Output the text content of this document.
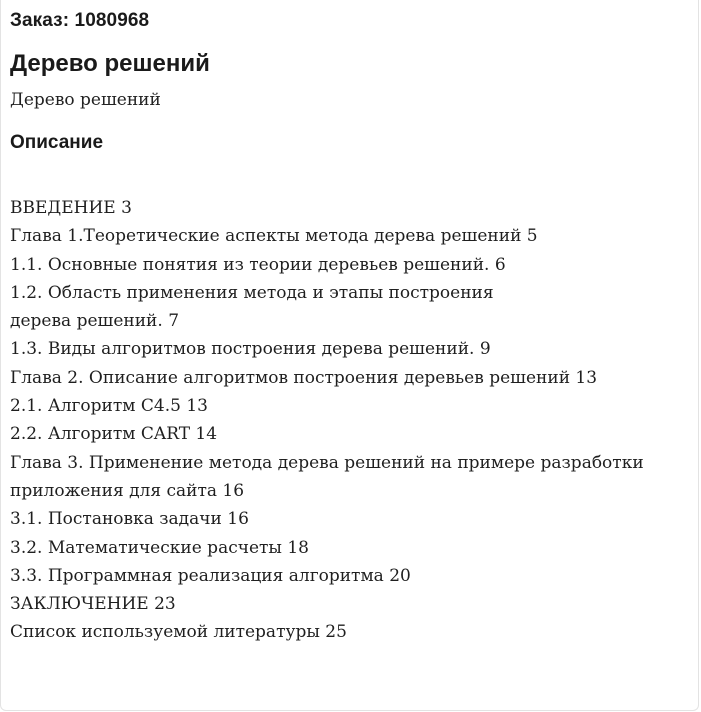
Заказ: 1080968
Дерево решений
Дерево решений
Описание
ВВЕДЕНИЕ 3
Глава 1.Теоретические аспекты метода дерева решений 5
1.1. Основные понятия из теории деревьев решений. 6
1.2. Область применения метода и этапы построения
дерева решений. 7
1.3. Виды алгоритмов построения дерева решений. 9
Глава 2. Описание алгоритмов построения деревьев решений 13
2.1. Алгоритм C4.5 13
2.2. Алгоритм CART 14
Глава 3. Применение метода дерева решений на примере разработки
приложения для сайта 16
3.1. Постановка задачи 16
3.2. Математические расчеты 18
3.3. Программная реализация алгоритма 20
ЗАКЛЮЧЕНИЕ 23
Список используемой литературы 25
